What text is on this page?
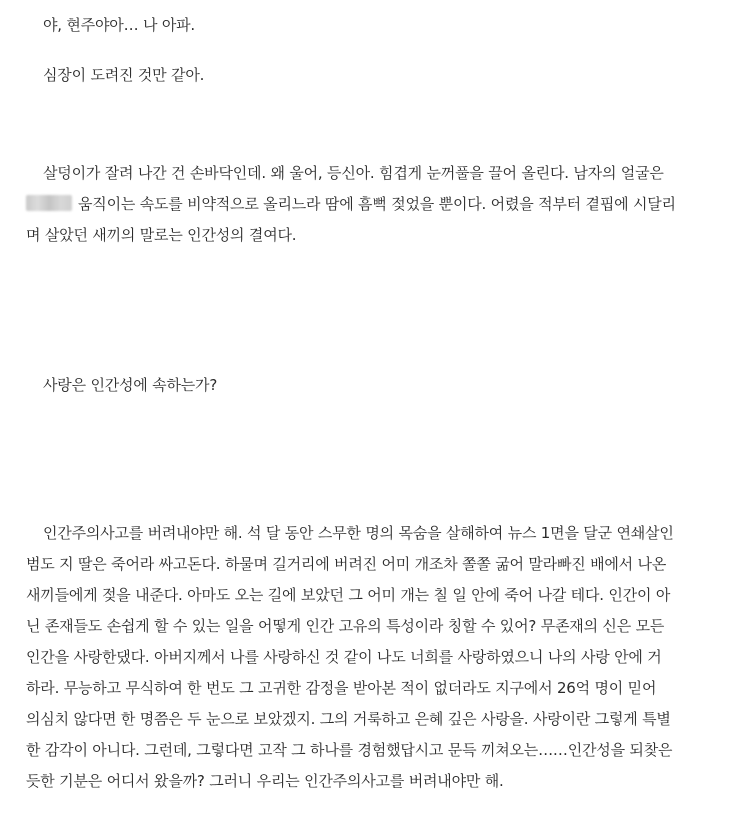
야, 현주야아… 나 아파.

심장이 도려진 것만 같아.

살덩이가 잘려 나간 건 손바닥인데. 왜 울어, 등신아. 힘겹게 눈꺼풀을 끌어 올린다. 남자의 얼굴은
움직이는 속도를 비약적으로 올리느라 땀에 흠뻑 젖었을 뿐이다. 어렸을 적부터 곁핍에 시달리
며 살았던 새끼의 말로는 인간성의 결여다.

사랑은 인간성에 속하는가?

인간주의사고를 버려내야만 해. 석 달 동안 스무한 명의 목숨을 살해하여 뉴스 1면을 달군 연쇄살인
범도 지 딸은 죽어라 싸고돈다. 하물며 길거리에 버려진 어미 개조차 쫄쫄 굶어 말라빠진 배에서 나온
새끼들에게 젖을 내준다. 아마도 오는 길에 보았던 그 어미 개는 칠 일 안에 죽어 나갈 테다. 인간이 아
닌 존재들도 손쉽게 할 수 있는 일을 어떻게 인간 고유의 특성이라 칭할 수 있어? 무존재의 신은 모든
인간을 사랑한댔다. 아버지께서 나를 사랑하신 것 같이 나도 너희를 사랑하였으니 나의 사랑 안에 거
하라. 무능하고 무식하여 한 번도 그 고귀한 감정을 받아본 적이 없더라도 지구에서 26억 명이 믿어
의심치 않다면 한 명쯤은 두 눈으로 보았겠지. 그의 거룩하고 은혜 깊은 사랑을. 사랑이란 그렇게 특별
한 감각이 아니다. 그런데, 그렇다면 고작 그 하나를 경험했답시고 문득 끼쳐오는……인간성을 되찾은
듯한 기분은 어디서 왔을까? 그러니 우리는 인간주의사고를 버려내야만 해.
